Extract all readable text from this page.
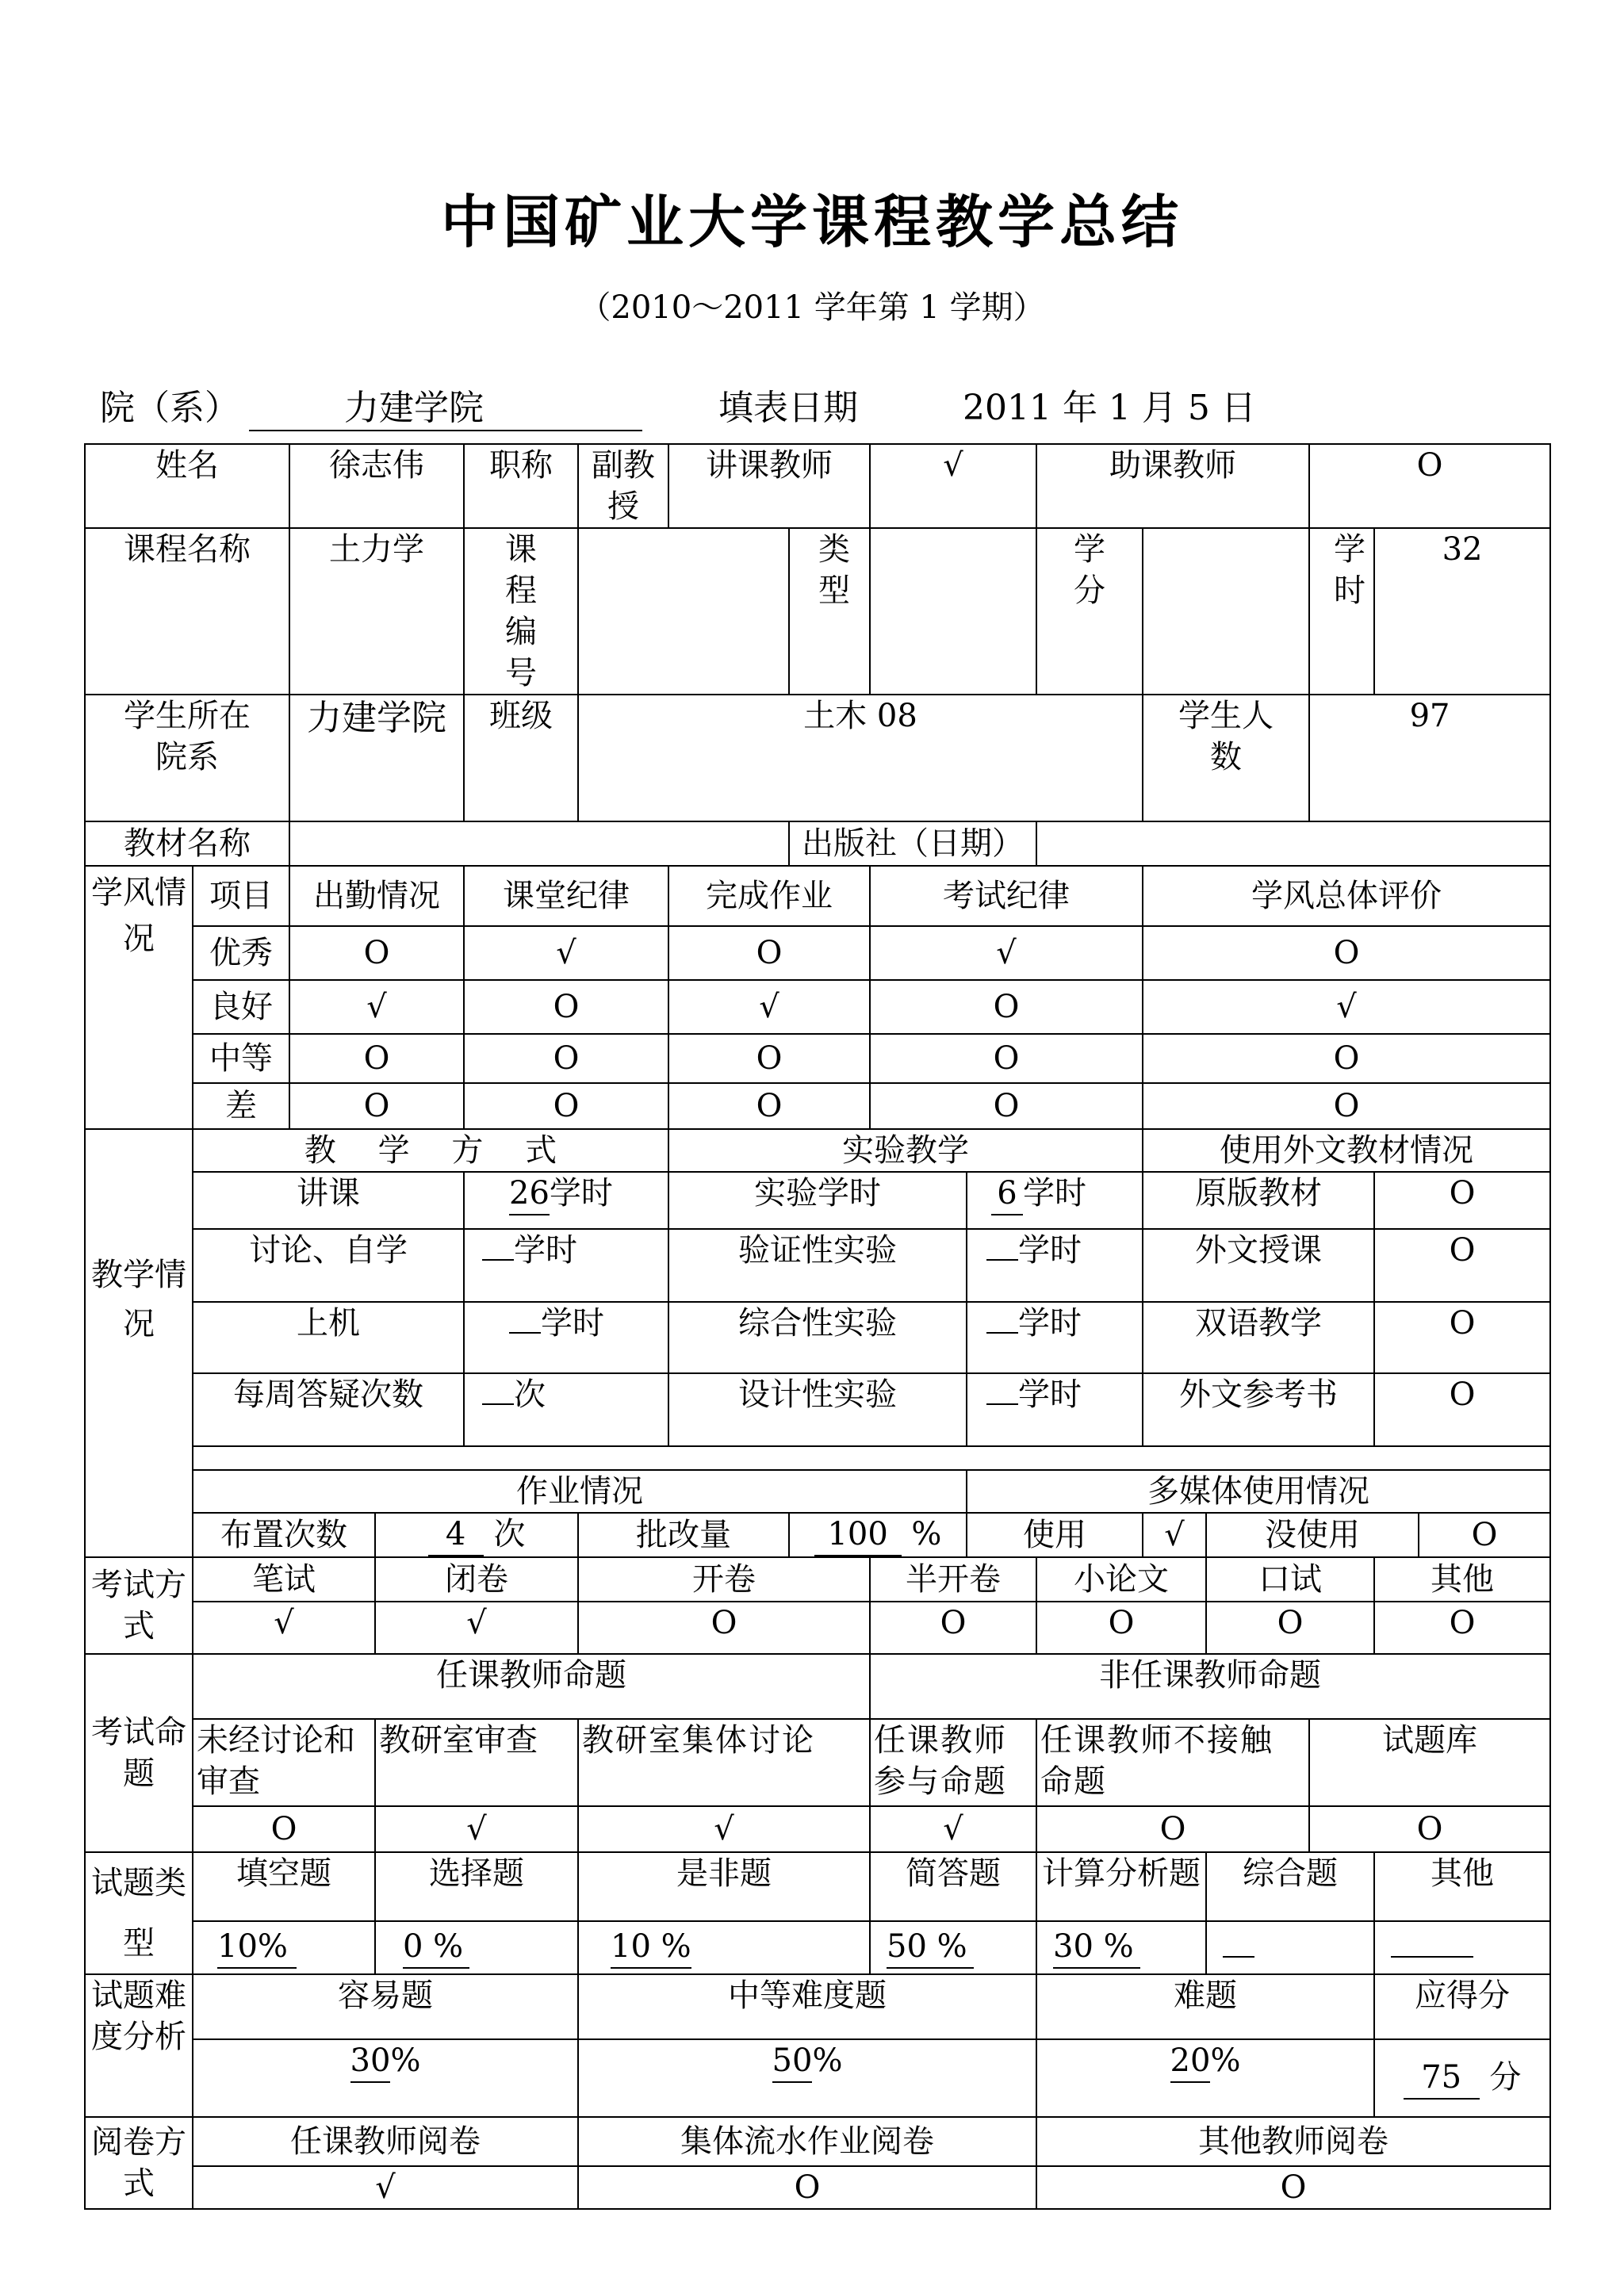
中国矿业大学课程教学总结
（2010～2011 学年第 1 学期）
院（系）	力建学院	填表日期	2011 年 1 月 5 日
姓名		徐志伟		职称	副教授	讲课教师		√		助课教师			O		
课程名称		土力学		课程编号			类型			学分			学时	32	
学生所在院系		力建学院		班级	土木 08						学生人数		97		
教材名称							出版社（日期）								
学风情况	项目	出勤情况		课堂纪律		完成作业		考试纪律			学风总体评价				
	优秀	O		√		O		√			O				
	良好	√		O		√		O			√				
	中等	O		O		O		O			O				
	差	O		O		O		O			O				
教学情况	教 学 方 式					实验教学					使用外文教材情况				
	讲课			26学时		实验学时			6 学时		原版教材			O	
	讨论、自学			学时		验证性实验			学时		外文授课			O	
	上机			学时		综合性实验			学时		双语教学			O	
	每周答疑次数			次		设计性实验			学时		外文参考书			O	

	作业情况								多媒体使用情况						
	布置次数		4 次		批改量		100 %		使用		√	没使用			O
考试方式	笔试		闭卷		开卷			半开卷		小论文		口试		其他	
	√		√		O			O		O		O		O	
考试命题	任课教师命题							非任课教师命题							
	未经讨论和审查		教研室审查		教研室集体讨论			任课教师参与命题		任课教师不接触命题			试题库		
	O		√		√			√		O			O		
试题类型	填空题		选择题		是非题			简答题		计算分析题		综合题		其他	
	10%		0 %		10 %			50 %		30 %					
试题难度分析	容易题				中等难度题					难题				应得分	
	30%				50%					20%				75 分	
阅卷方式	任课教师阅卷				集体流水作业阅卷					其他教师阅卷					
	√				O					O					
